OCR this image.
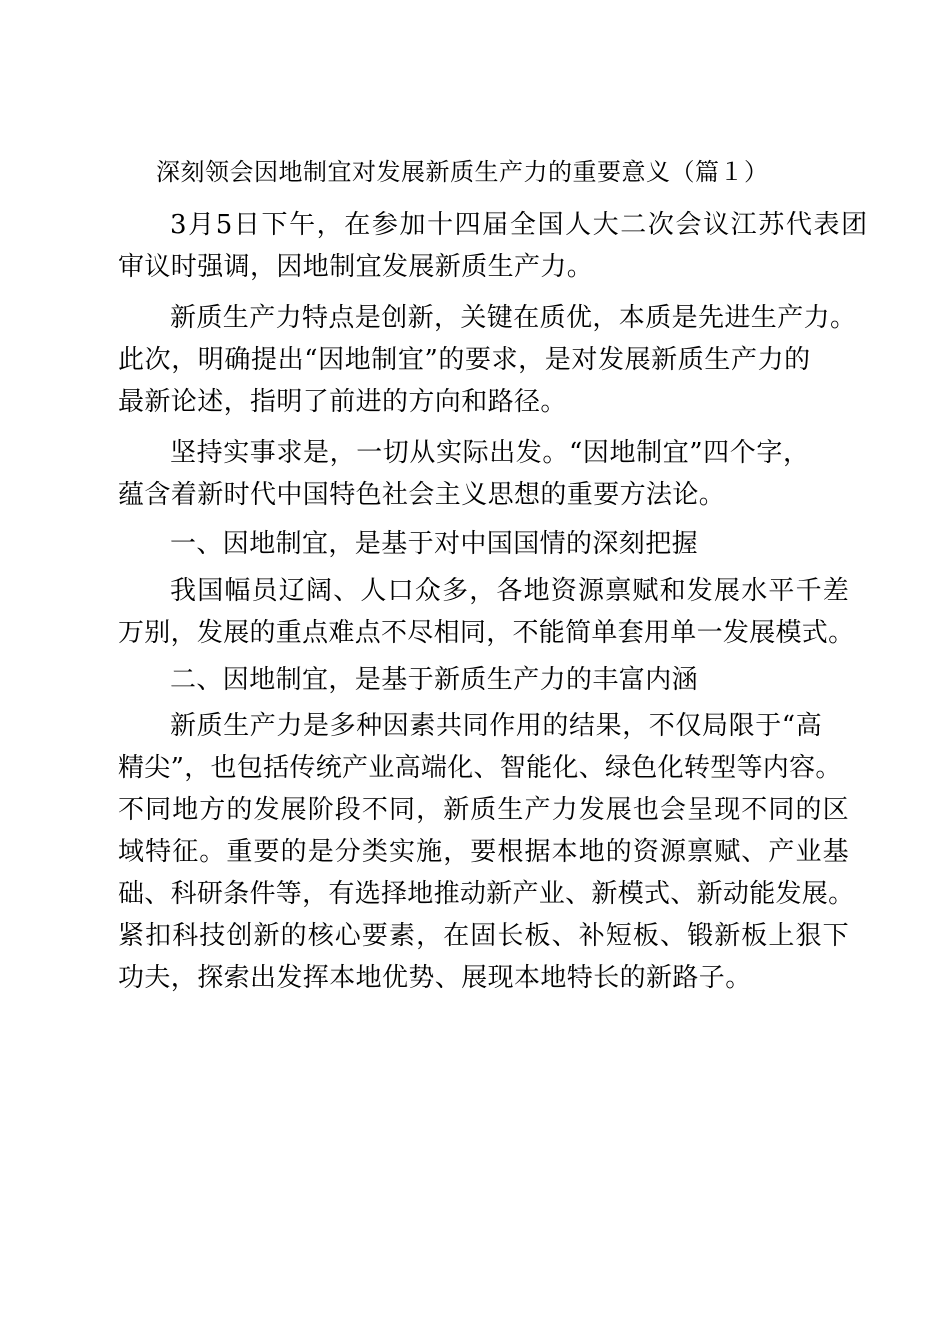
深刻领会因地制宜对发展新质生产力的重要意义（篇１）
3月5日下午，在参加十四届全国人大二次会议江苏代表团
审议时强调，因地制宜发展新质生产力。
新质生产力特点是创新，关键在质优，本质是先进生产力。
此次，明确提出“因地制宜”的要求，是对发展新质生产力的
最新论述，指明了前进的方向和路径。
坚持实事求是，一切从实际出发。“因地制宜”四个字，
蕴含着新时代中国特色社会主义思想的重要方法论。
一、因地制宜，是基于对中国国情的深刻把握
我国幅员辽阔、人口众多，各地资源禀赋和发展水平千差
万别，发展的重点难点不尽相同，不能简单套用单一发展模式。
二、因地制宜，是基于新质生产力的丰富内涵
新质生产力是多种因素共同作用的结果，不仅局限于“高
精尖”，也包括传统产业高端化、智能化、绿色化转型等内容。
不同地方的发展阶段不同，新质生产力发展也会呈现不同的区
域特征。重要的是分类实施，要根据本地的资源禀赋、产业基
础、科研条件等，有选择地推动新产业、新模式、新动能发展。
紧扣科技创新的核心要素，在固长板、补短板、锻新板上狠下
功夫，探索出发挥本地优势、展现本地特长的新路子。
